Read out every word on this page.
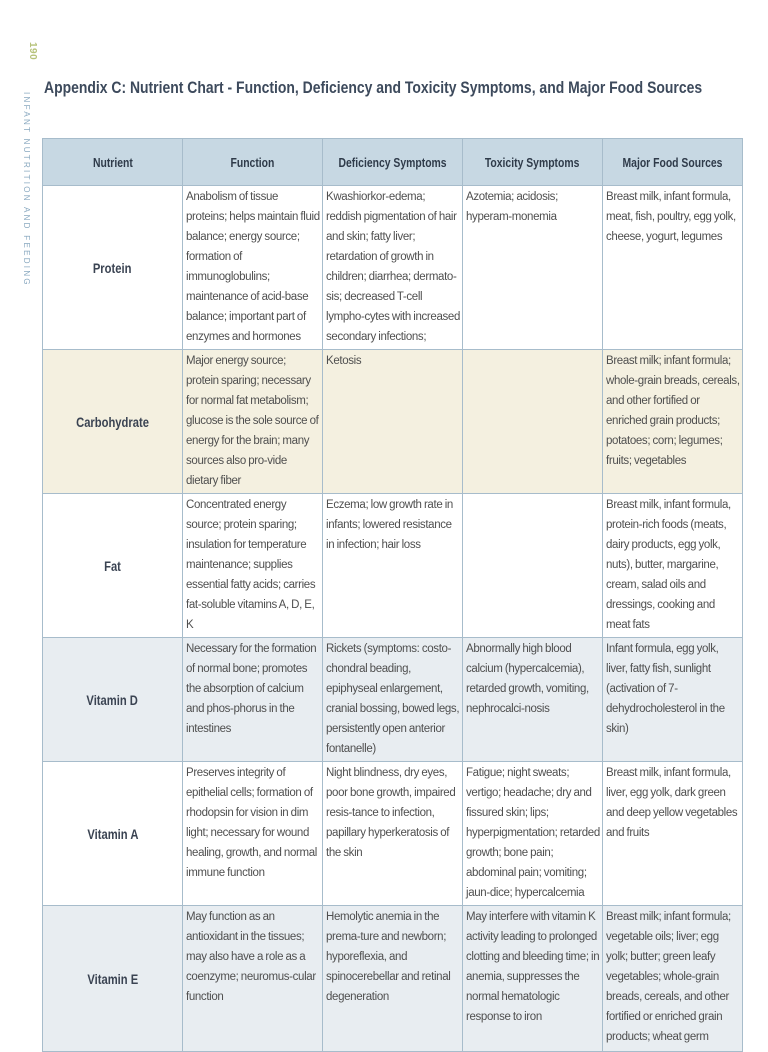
190
INFANT NUTRITION AND FEEDING
Appendix C: Nutrient Chart - Function, Deficiency and Toxicity Symptoms, and Major Food Sources
Nutrient	Function	Deficiency Symptoms	Toxicity Symptoms	Major Food Sources
Protein	Anabolism of tissue proteins; helps maintain fluid balance; energy source; formation of immunoglobulins; maintenance of acid-base balance; important part of enzymes and hormones	Kwashiorkor-edema; reddish pigmentation of hair and skin; fatty liver; retardation of growth in children; diarrhea; dermato-sis; decreased T-cell lympho-cytes with increased secondary infections;	Azotemia; acidosis; hyperam-monemia	Breast milk, infant formula, meat, fish, poultry, egg yolk, cheese, yogurt, legumes
Carbohydrate	Major energy source; protein sparing; necessary for normal fat metabolism; glucose is the sole source of energy for the brain; many sources also pro-vide dietary fiber	Ketosis		Breast milk; infant formula; whole-grain breads, cereals, and other fortified or enriched grain products; potatoes; corn; legumes; fruits; vegetables
Fat	Concentrated energy source; protein sparing; insulation for temperature maintenance; supplies essential fatty acids; carries fat-soluble vitamins A, D, E, K	Eczema; low growth rate in infants; lowered resistance in infection; hair loss		Breast milk, infant formula, protein-rich foods (meats, dairy products, egg yolk, nuts), butter, margarine, cream, salad oils and dressings, cooking and meat fats
Vitamin D	Necessary for the formation of normal bone; promotes the absorption of calcium and phos-phorus in the intestines	Rickets (symptoms: costo-chondral beading, epiphyseal enlargement, cranial bossing, bowed legs, persistently open anterior fontanelle)	Abnormally high blood calcium (hypercalcemia), retarded growth, vomiting, nephrocalci-nosis	Infant formula, egg yolk, liver, fatty fish, sunlight (activation of 7-dehydrocholesterol in the skin)
Vitamin A	Preserves integrity of epithelial cells; formation of rhodopsin for vision in dim light; necessary for wound healing, growth, and normal immune function	Night blindness, dry eyes, poor bone growth, impaired resis-tance to infection, papillary hyperkeratosis of the skin	Fatigue; night sweats; vertigo; headache; dry and fissured skin; lips; hyperpigmentation; retarded growth; bone pain; abdominal pain; vomiting; jaun-dice; hypercalcemia	Breast milk, infant formula, liver, egg yolk, dark green and deep yellow vegetables and fruits
Vitamin E	May function as an antioxidant in the tissues; may also have a role as a coenzyme; neuromus-cular function	Hemolytic anemia in the prema-ture and newborn; hyporeflexia, and spinocerebellar and retinal degeneration	May interfere with vitamin K activity leading to prolonged clotting and bleeding time; in anemia, suppresses the normal hematologic response to iron	Breast milk; infant formula; vegetable oils; liver; egg yolk; butter; green leafy vegetables; whole-grain breads, cereals, and other fortified or enriched grain products; wheat germ
